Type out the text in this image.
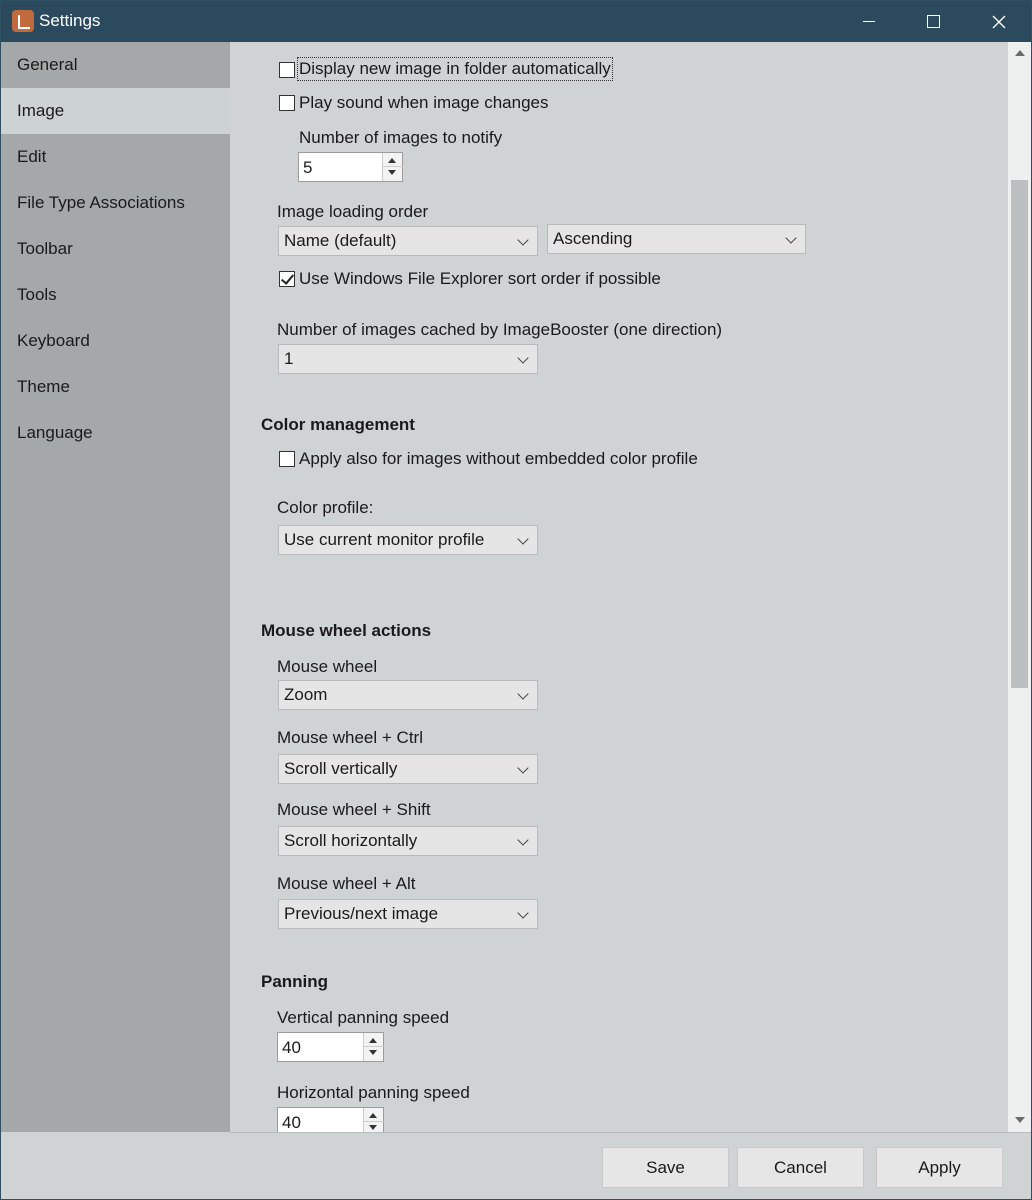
Settings
General
Image
Edit
File Type Associations
Toolbar
Tools
Keyboard
Theme
Language
Display new image in folder automatically
Play sound when image changes
Number of images to notify
5
Image loading order
Name (default)	Ascending
Use Windows File Explorer sort order if possible
Number of images cached by ImageBooster (one direction)
1
Color management
Apply also for images without embedded color profile
Color profile:
Use current monitor profile
Mouse wheel actions
Mouse wheel
Zoom
Mouse wheel + Ctrl
Scroll vertically
Mouse wheel + Shift
Scroll horizontally
Mouse wheel + Alt
Previous/next image
Panning
Vertical panning speed
40
Horizontal panning speed
40
Save	Cancel	Apply
